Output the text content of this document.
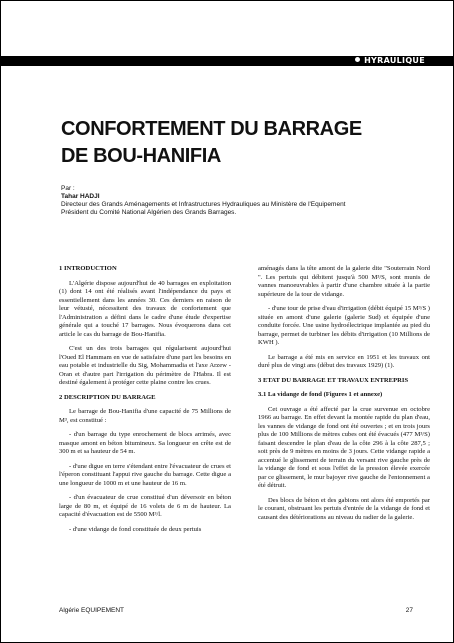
HYRAULIQUE
CONFORTEMENT DU BARRAGE
DE BOU-HANIFIA
Par :
Tahar HADJI
Directeur des Grands Aménagements et Infrastructures Hydrauliques au Ministère de l'Equipement
Président du Comité National Algérien des Grands Barrages.
1 INTRODUCTION

L'Algérie dispose aujourd'hui de 40 barrages en exploitation (1) dont 14 ont été réalisés avant l'indépendance du pays et essentiellement dans les années 30. Ces derniers en raison de leur vétusté, nécessitent des travaux de confortement que l'Administration a défini dans le cadre d'une étude d'expertise générale qui a touché 17 barrages. Nous évoquerons dans cet article le cas du barrage de Bou-Hanifia.

C'est un des trois barrages qui régularisent aujourd'hui l'Oued El Hammam en vue de satisfaire d'une part les besoins en eau potable et industrielle du Sig, Mohammadia et l'axe Arzew - Oran et d'autre part l'irrigation du périmètre de l'Habra. Il est destiné également à protéger cette plaine contre les crues.

2 DESCRIPTION DU BARRAGE

Le barrage de Bou-Hanifia d'une capacité de 75 Millions de M³, est constitué :

- d'un barrage du type enrochement de blocs arrimés, avec masque amont en béton bitumineux. Sa longueur en crête est de 300 m et sa hauteur de 54 m.

- d'une digue en terre s'étendant entre l'évacuateur de crues et l'éperon constituant l'appui rive gauche du barrage. Cette digue a une longueur de 1000 m et une hauteur de 16 m.

- d'un évacuateur de crue constitué d'un déversoir en béton large de 80 m, et équipé de 16 volets de 6 m de hauteur. La capacité d'évacuation est de 5500 M³/l.

- d'une vidange de fond constituée de deux pertuis

aménagés dans la tête amont de la galerie dite "Souterrain Nord ". Les pertuis qui débitent jusqu'à 500 M³/S, sont munis de vannes manoeuvrables à partir d'une chambre située à la partie supérieure de la tour de vidange.

- d'une tour de prise d'eau d'irrigation (débit équipé 15 M³/S ) située en amont d'une galerie (galerie Sud) et équipée d'une conduite forcée. Une usine hydroélectrique implantée au pied du barrage, permet de turbiner les débits d'irrigation (10 Millions de KWH ).

Le barrage a été mis en service en 1951 et les travaux ont duré plus de vingt ans (début des travaux 1929) (1).

3 ETAT DU BARRAGE ET TRAVAUX ENTREPRIS
3.1 La vidange de fond (Figures 1 et annexe)

Cet ouvrage a été affecté par la crue survenue en octobre 1966 au barrage. En effet devant la montée rapide du plan d'eau, les vannes de vidange de fond ont été ouvertes ; et en trois jours plus de 100 Millions de mètres cubes ont été évacués (477 M³/S) faisant descendre le plan d'eau de la côte 296 à la côte 287,5 ; soit près de 9 mètres en moins de 3 jours. Cette vidange rapide a accentué le glissement de terrain du versant rive gauche près de la vidange de fond et sous l'effet de la pression élevée exercée par ce glissement, le mur bajoyer rive gauche de l'entonnement a été détruit.

Des blocs de béton et des gabions ont alors été emportés par le courant, obstruant les pertuis d'entrée de la vidange de fond et causant des détériorations au niveau du radier de la galerie.

Algérie EQUIPEMENT	27
